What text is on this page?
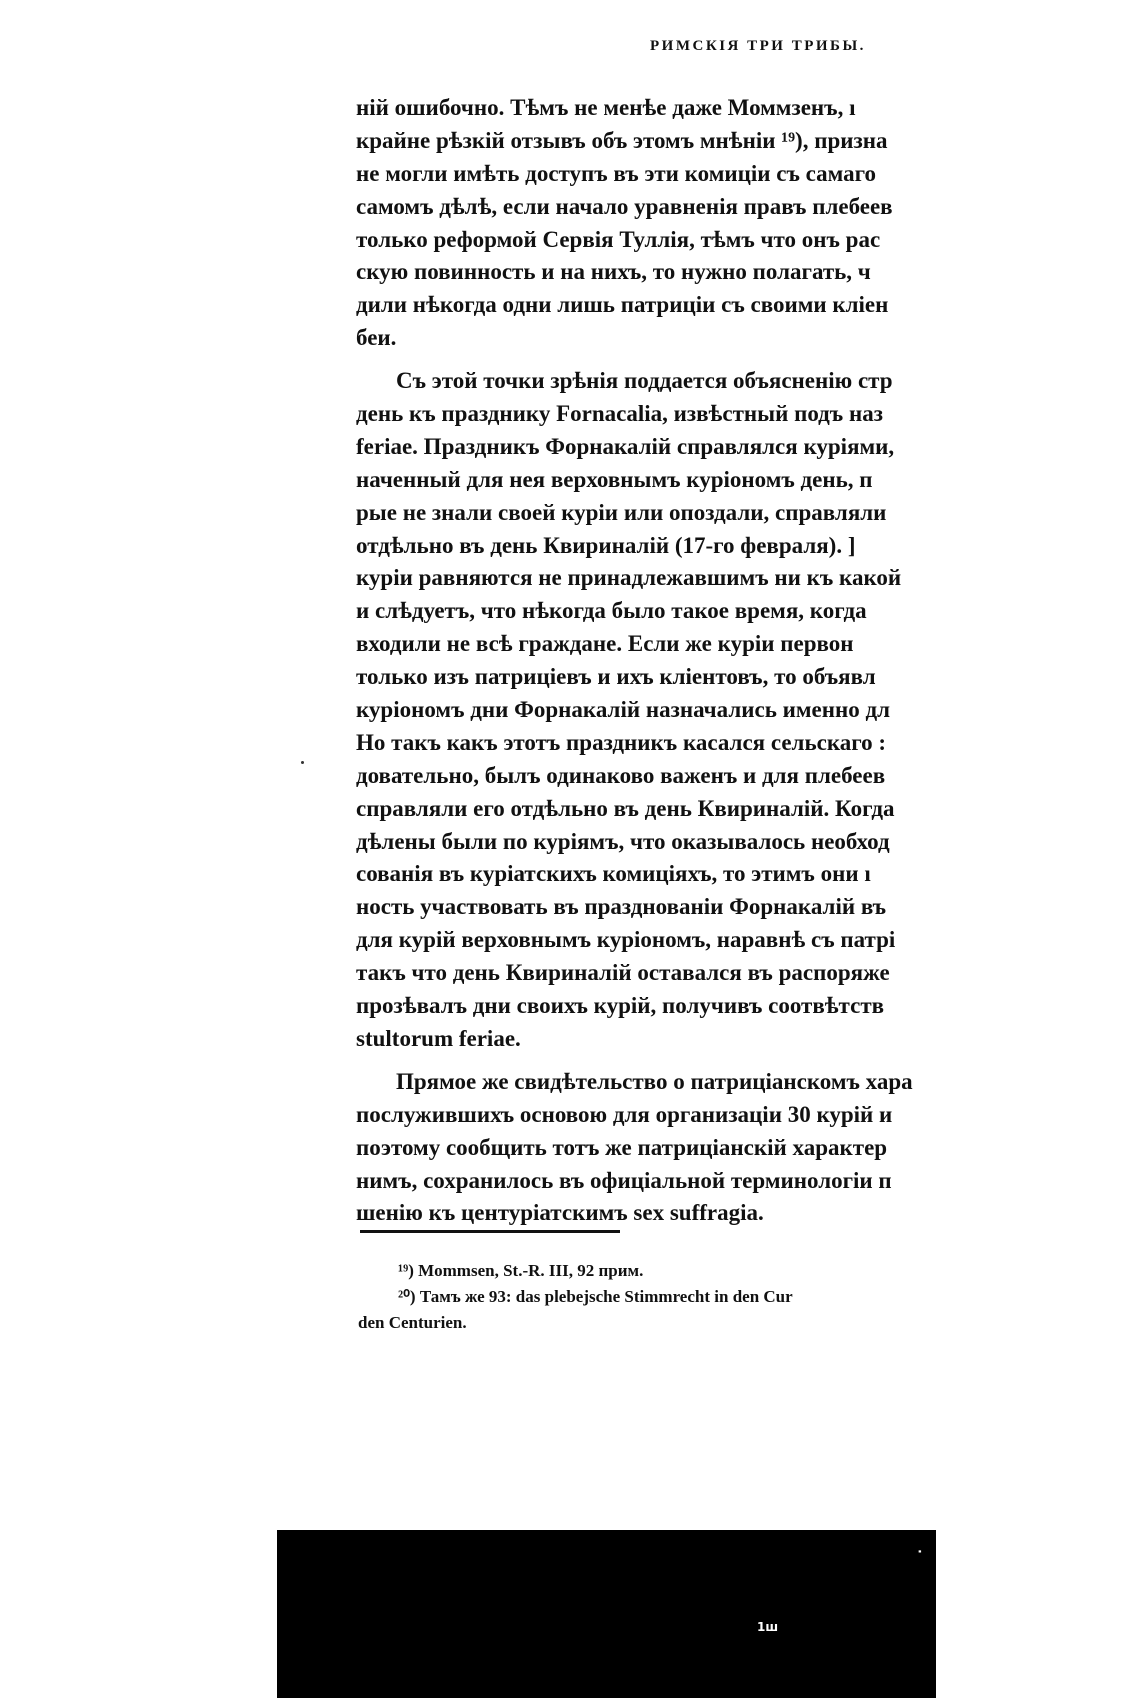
РИМСКІЯ ТРИ ТРИБЫ.
ній ошибочно. Тѣмъ не менѣе даже Моммзенъ, ı
крайне рѣзкій отзывъ объ этомъ мнѣніи ¹⁹), призна
не могли имѣть доступъ въ эти комиціи съ самаго
самомъ дѣлѣ, если начало уравненія правъ плебеев
только реформой Сервія Туллія, тѣмъ что онъ рас
скую повинность и на нихъ, то нужно полагать, ч
дили нѣкогда одни лишь патриціи съ своими кліен
беи.
Съ этой точки зрѣнія поддается объясненію стр
день къ празднику Fornacalia, извѣстный подъ наз
feriae. Праздникъ Форнакалій справлялся куріями,
наченный для нея верховнымъ куріономъ день, п
рые не знали своей куріи или опоздали, справляли
отдѣльно въ день Квириналій (17-го февраля). ]
куріи равняются не принадлежавшимъ ни къ какой
и слѣдуетъ, что нѣкогда было такое время, когда
входили не всѣ граждане. Если же куріи первон
только изъ патриціевъ и ихъ кліентовъ, то объявл
куріономъ дни Форнакалій назначались именно дл
Но такъ какъ этотъ праздникъ касался сельскаго :
довательно, былъ одинаково важенъ и для плебеев
справляли его отдѣльно въ день Квириналій. Когда
дѣлены были по куріямъ, что оказывалось необход
сованія въ куріатскихъ комиціяхъ, то этимъ они ı
ность участвовать въ празднованіи Форнакалій въ
для курій верховнымъ куріономъ, наравнѣ съ патрі
такъ что день Квириналій оставался въ распоряже
прозѣвалъ дни своихъ курій, получивъ соотвѣтств
stultorum feriae.
Прямое же свидѣтельство о патриціанскомъ хара
послужившихъ основою для организаціи 30 курій и
поэтому сообщить тотъ же патриціанскій характер
нимъ, сохранилось въ офиціальной терминологіи п
шенію къ центуріатскимъ sex suffragia.
¹⁹) Mommsen, St.-R. III, 92 прим.
²⁰) Тамъ же 93: das plebejsche Stimmrecht in den Cur
den Centurien.
1ш
ᐧ
